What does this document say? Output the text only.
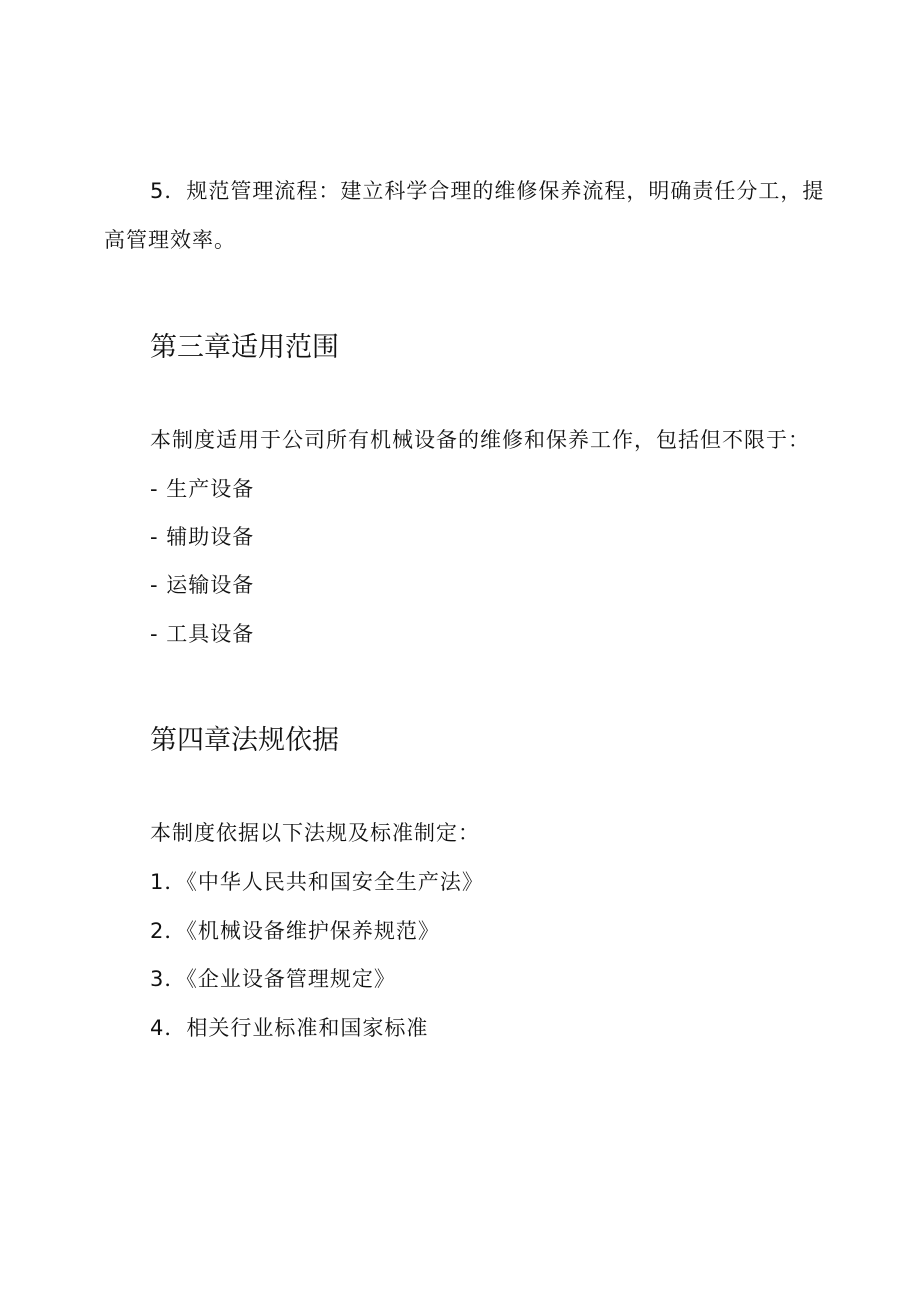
5．规范管理流程：建立科学合理的维修保养流程，明确责任分工，提
高管理效率。
第三章适用范围
本制度适用于公司所有机械设备的维修和保养工作，包括但不限于：
- 生产设备
- 辅助设备
- 运输设备
- 工具设备
第四章法规依据
本制度依据以下法规及标准制定：
1．《中华人民共和国安全生产法》
2．《机械设备维护保养规范》
3．《企业设备管理规定》
4．相关行业标准和国家标准
